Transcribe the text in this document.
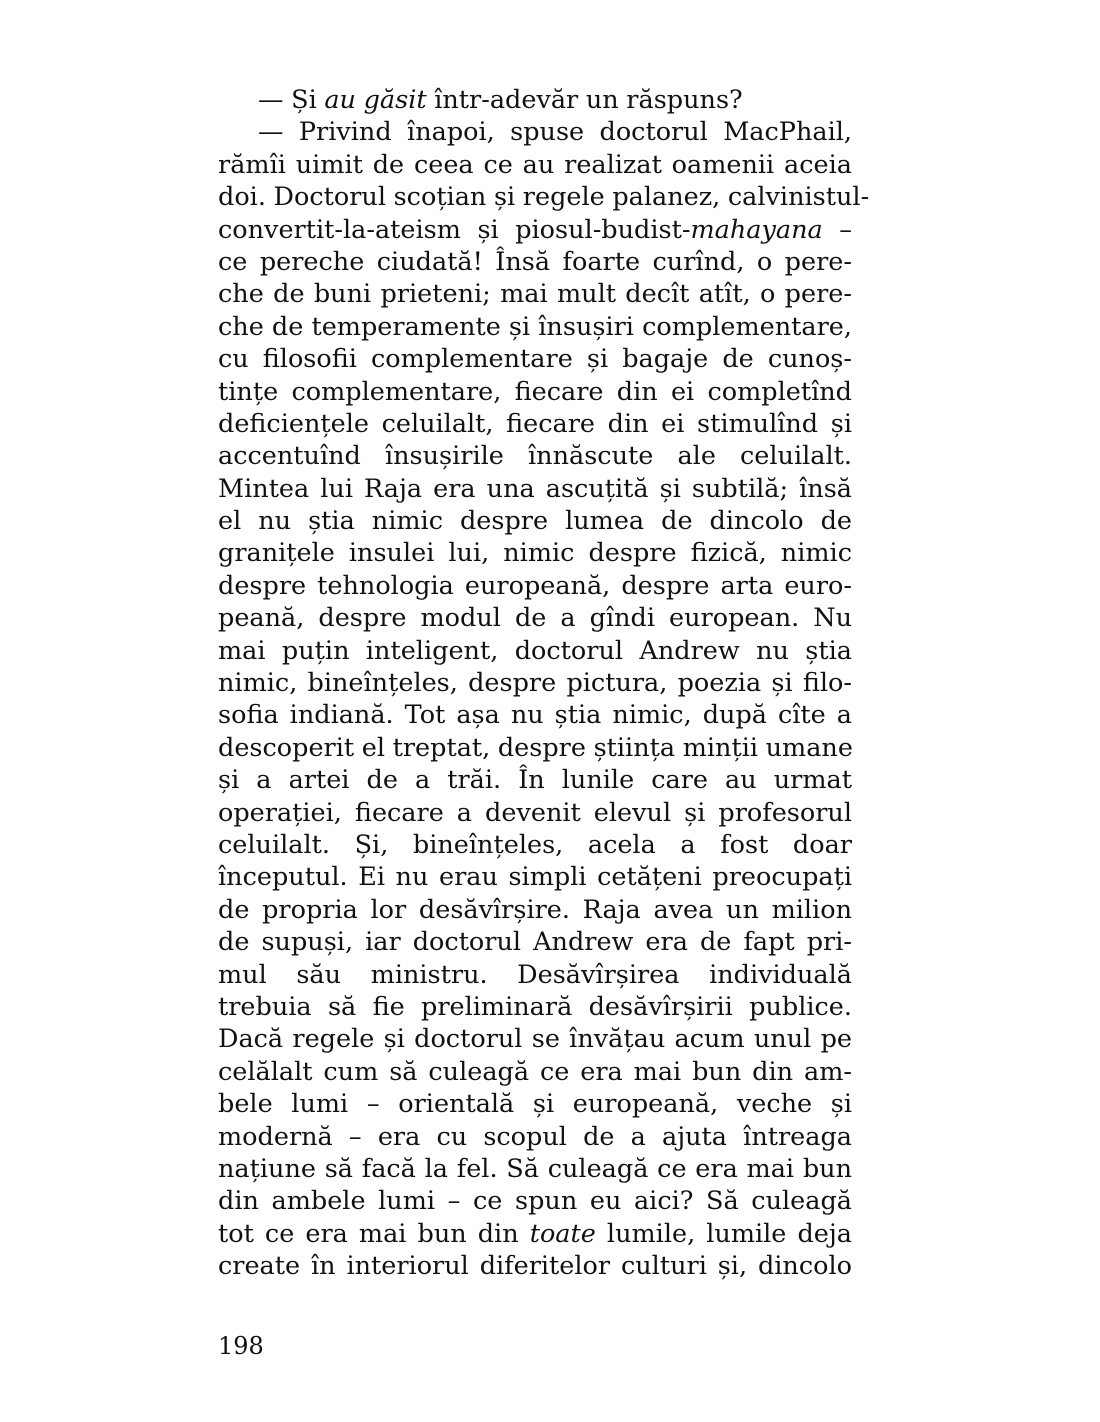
— Și au găsit într-adevăr un răspuns?
— Privind înapoi, spuse doctorul MacPhail,
rămîi uimit de ceea ce au realizat oamenii aceia
doi. Doctorul scoțian și regele palanez, calvinistul-
convertit-la-ateism și piosul-budist-mahayana –
ce pereche ciudată! Însă foarte curînd, o pere-
che de buni prieteni; mai mult decît atît, o pere-
che de temperamente și însușiri complementare,
cu filosofii complementare și bagaje de cunoș-
tințe complementare, fiecare din ei completînd
deficiențele celuilalt, fiecare din ei stimulînd și
accentuînd însușirile înnăscute ale celuilalt.
Mintea lui Raja era una ascuțită și subtilă; însă
el nu știa nimic despre lumea de dincolo de
granițele insulei lui, nimic despre fizică, nimic
despre tehnologia europeană, despre arta euro-
peană, despre modul de a gîndi european. Nu
mai puțin inteligent, doctorul Andrew nu știa
nimic, bineînțeles, despre pictura, poezia și filo-
sofia indiană. Tot așa nu știa nimic, după cîte a
descoperit el treptat, despre știința minții umane
și a artei de a trăi. În lunile care au urmat
operației, fiecare a devenit elevul și profesorul
celuilalt. Și, bineînțeles, acela a fost doar
începutul. Ei nu erau simpli cetățeni preocupați
de propria lor desăvîrșire. Raja avea un milion
de supuși, iar doctorul Andrew era de fapt pri-
mul său ministru. Desăvîrșirea individuală
trebuia să fie preliminară desăvîrșirii publice.
Dacă regele și doctorul se învățau acum unul pe
celălalt cum să culeagă ce era mai bun din am-
bele lumi – orientală și europeană, veche și
modernă – era cu scopul de a ajuta întreaga
națiune să facă la fel. Să culeagă ce era mai bun
din ambele lumi – ce spun eu aici? Să culeagă
tot ce era mai bun din toate lumile, lumile deja
create în interiorul diferitelor culturi și, dincolo
198
